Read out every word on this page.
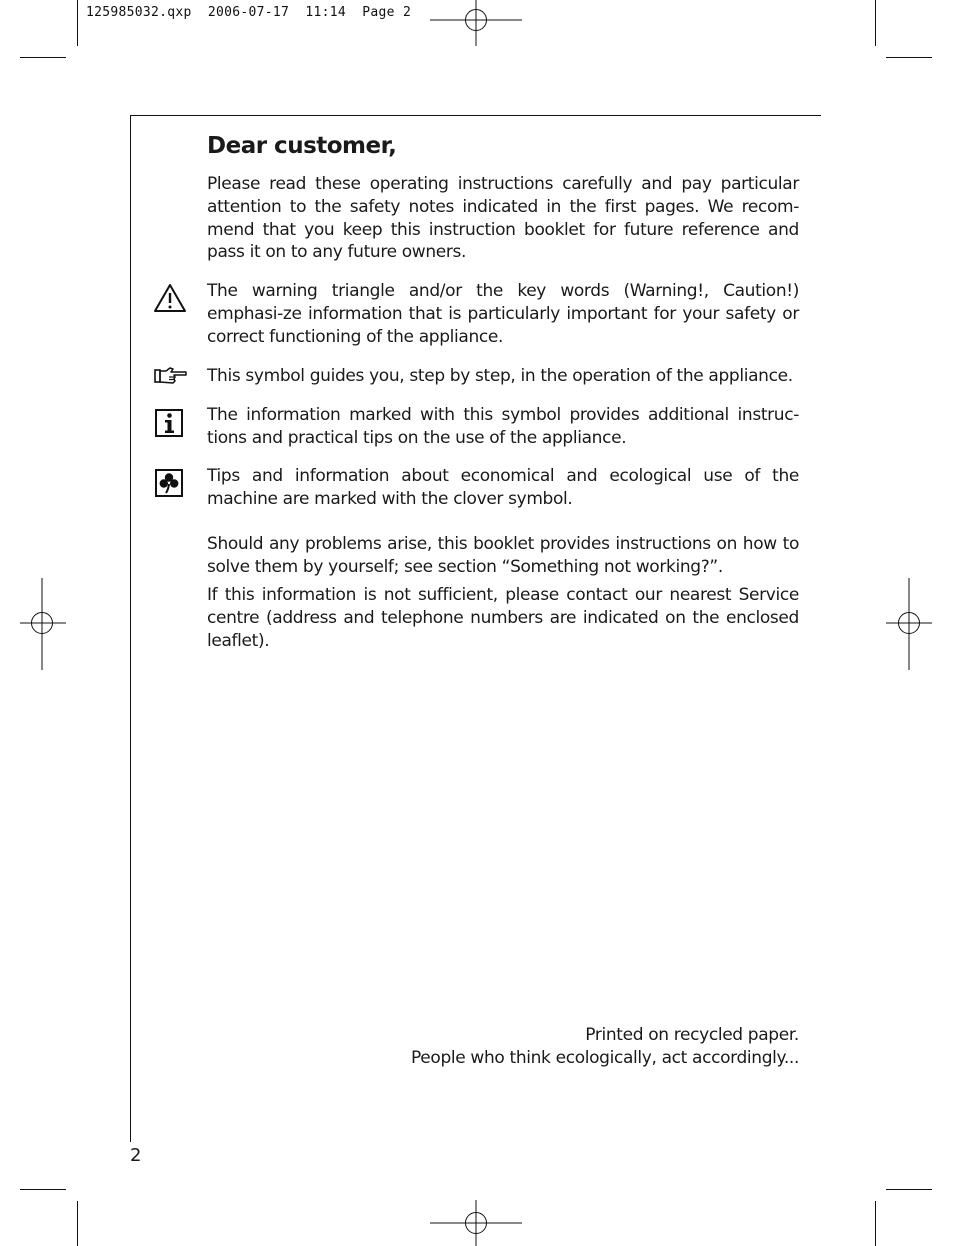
125985032.qxp  2006-07-17  11:14  Page 2
Dear customer,

Please read these operating instructions carefully and pay particular attention to the safety notes indicated in the first pages. We recom-mend that you keep this instruction booklet for future reference and pass it on to any future owners.

The warning triangle and/or the key words (Warning!, Caution!) emphasi-ze information that is particularly important for your safety or correct functioning of the appliance.

This symbol guides you, step by step, in the operation of the appliance.

The information marked with this symbol provides additional instruc-tions and practical tips on the use of the appliance.

Tips and information about economical and ecological use of the machine are marked with the clover symbol.

Should any problems arise, this booklet provides instructions on how to solve them by yourself; see section “Something not working?”.

If this information is not sufficient, please contact our nearest Service centre (address and telephone numbers are indicated on the enclosed leaflet).

Printed on recycled paper.
People who think ecologically, act accordingly...
2
